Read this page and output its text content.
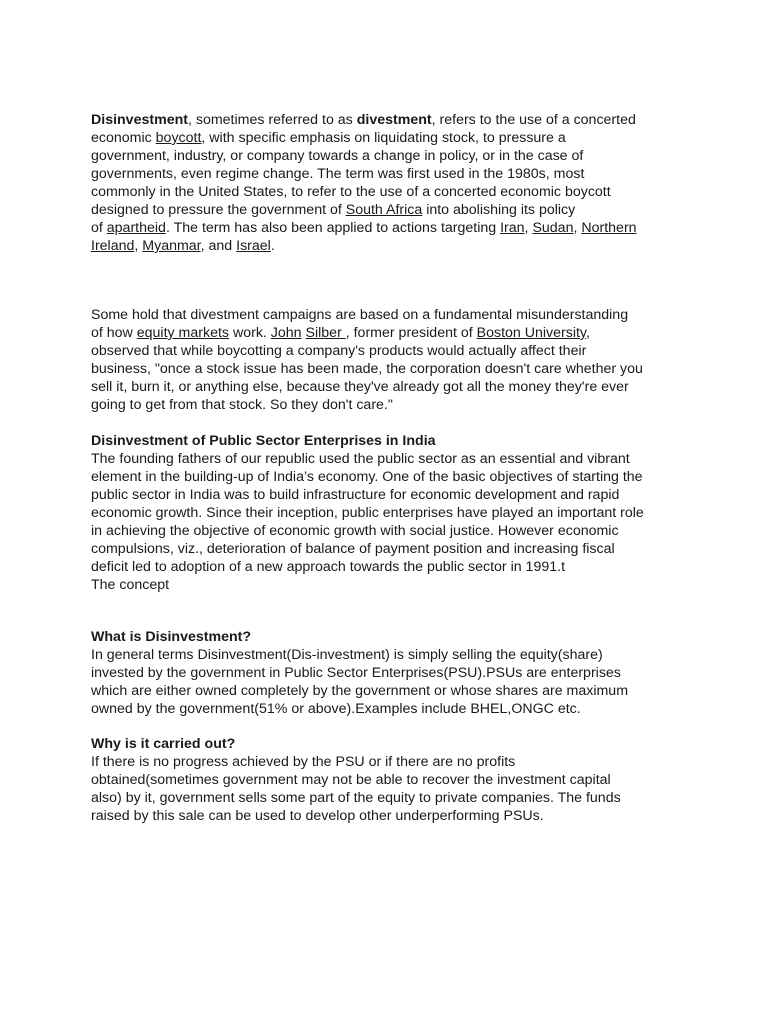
Disinvestment, sometimes referred to as divestment, refers to the use of a concerted
economic boycott, with specific emphasis on liquidating stock, to pressure a
government, industry, or company towards a change in policy, or in the case of
governments, even regime change. The term was first used in the 1980s, most
commonly in the United States, to refer to the use of a concerted economic boycott
designed to pressure the government of South Africa into abolishing its policy
of apartheid. The term has also been applied to actions targeting Iran, Sudan, Northern
Ireland, Myanmar, and Israel.

Some hold that divestment campaigns are based on a fundamental misunderstanding
of how equity markets work. John Silber , former president of Boston University,
observed that while boycotting a company's products would actually affect their
business, "once a stock issue has been made, the corporation doesn't care whether you
sell it, burn it, or anything else, because they've already got all the money they're ever
going to get from that stock. So they don't care."

Disinvestment of Public Sector Enterprises in India

The founding fathers of our republic used the public sector as an essential and vibrant
element in the building-up of India’s economy. One of the basic objectives of starting the
public sector in India was to build infrastructure for economic development and rapid
economic growth. Since their inception, public enterprises have played an important role
in achieving the objective of economic growth with social justice. However economic
compulsions, viz., deterioration of balance of payment position and increasing fiscal
deficit led to adoption of a new approach towards the public sector in 1991.t
The concept

What is Disinvestment?

In general terms Disinvestment(Dis-investment) is simply selling the equity(share)
invested by the government in Public Sector Enterprises(PSU).PSUs are enterprises
which are either owned completely by the government or whose shares are maximum
owned by the government(51% or above).Examples include BHEL,ONGC etc.

Why is it carried out?

If there is no progress achieved by the PSU or if there are no profits
obtained(sometimes government may not be able to recover the investment capital
also) by it, government sells some part of the equity to private companies. The funds
raised by this sale can be used to develop other underperforming PSUs.
